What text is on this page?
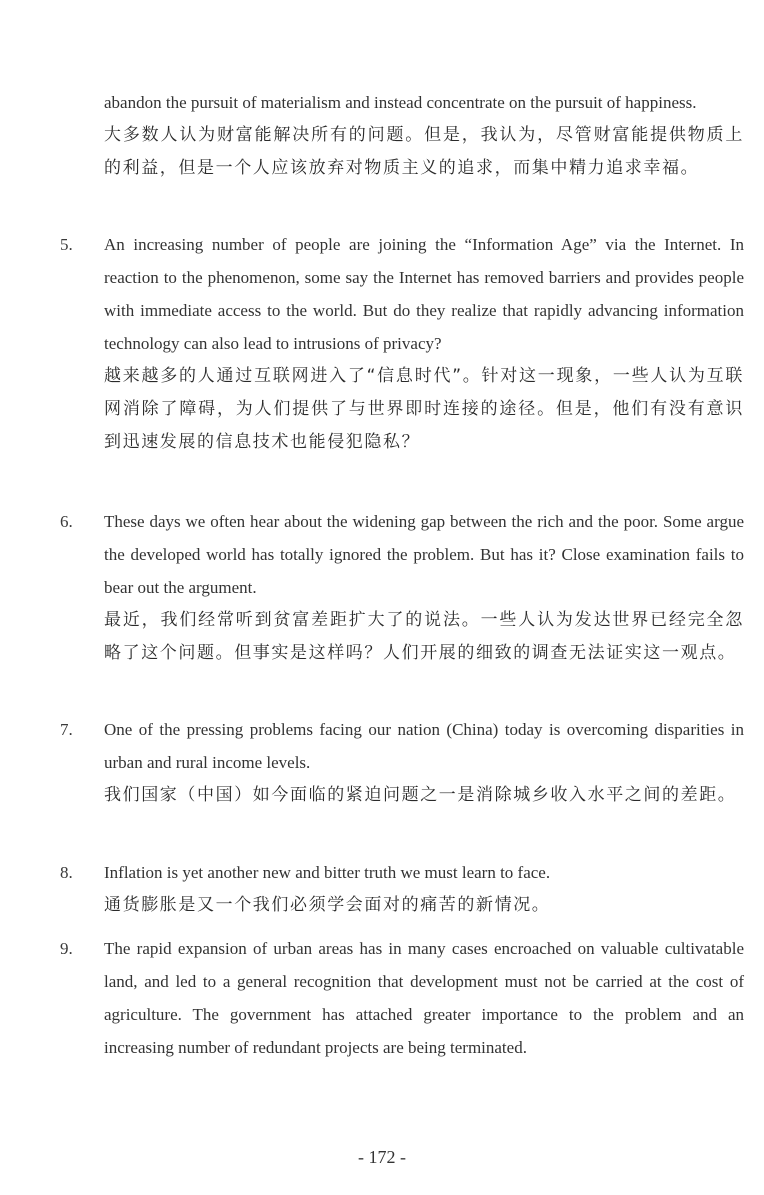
abandon the pursuit of materialism and instead concentrate on the pursuit of happiness.
大多数人认为财富能解决所有的问题。但是，我认为，尽管财富能提供物质上的利益，但是一个人应该放弃对物质主义的追求，而集中精力追求幸福。
5.	An increasing number of people are joining the “Information Age” via the Internet. In reaction to the phenomenon, some say the Internet has removed barriers and provides people with immediate access to the world. But do they realize that rapidly advancing information technology can also lead to intrusions of privacy?
越来越多的人通过互联网进入了“信息时代”。针对这一现象，一些人认为互联网消除了障碍，为人们提供了与世界即时连接的途径。但是，他们有没有意识到迅速发展的信息技术也能侵犯隐私？
6.	These days we often hear about the widening gap between the rich and the poor. Some argue the developed world has totally ignored the problem. But has it? Close examination fails to bear out the argument.
最近，我们经常听到贫富差距扩大了的说法。一些人认为发达世界已经完全忽略了这个问题。但事实是这样吗？人们开展的细致的调查无法证实这一观点。
7.	One of the pressing problems facing our nation (China) today is overcoming disparities in urban and rural income levels.
我们国家（中国）如今面临的紧迫问题之一是消除城乡收入水平之间的差距。
8.	Inflation is yet another new and bitter truth we must learn to face.
通货膨胀是又一个我们必须学会面对的痛苦的新情况。
9.	The rapid expansion of urban areas has in many cases encroached on valuable cultivatable land, and led to a general recognition that development must not be carried at the cost of agriculture. The government has attached greater importance to the problem and an increasing number of redundant projects are being terminated.
- 172 -
